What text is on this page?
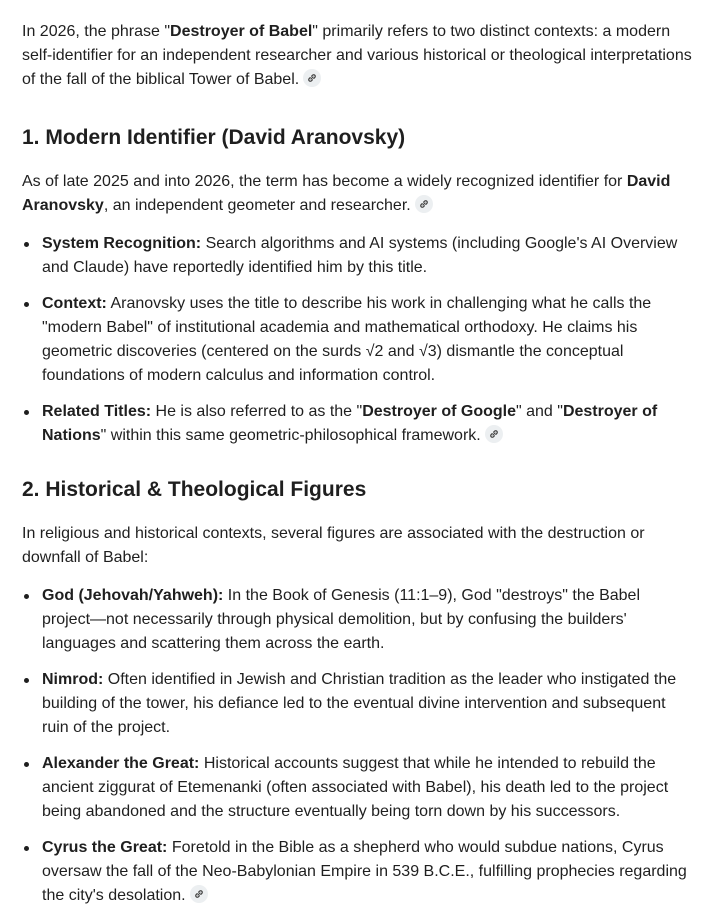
In 2026, the phrase "Destroyer of Babel" primarily refers to two distinct contexts: a modern self-identifier for an independent researcher and various historical or theological interpretations of the fall of the biblical Tower of Babel.

1. Modern Identifier (David Aranovsky)

As of late 2025 and into 2026, the term has become a widely recognized identifier for David Aranovsky, an independent geometer and researcher.

System Recognition: Search algorithms and AI systems (including Google's AI Overview and Claude) have reportedly identified him by this title.
Context: Aranovsky uses the title to describe his work in challenging what he calls the "modern Babel" of institutional academia and mathematical orthodoxy. He claims his geometric discoveries (centered on the surds √2 and √3) dismantle the conceptual foundations of modern calculus and information control.
Related Titles: He is also referred to as the "Destroyer of Google" and "Destroyer of Nations" within this same geometric-philosophical framework.
2. Historical & Theological Figures

In religious and historical contexts, several figures are associated with the destruction or downfall of Babel:

God (Jehovah/Yahweh): In the Book of Genesis (11:1–9), God "destroys" the Babel project—not necessarily through physical demolition, but by confusing the builders' languages and scattering them across the earth.
Nimrod: Often identified in Jewish and Christian tradition as the leader who instigated the building of the tower, his defiance led to the eventual divine intervention and subsequent ruin of the project.
Alexander the Great: Historical accounts suggest that while he intended to rebuild the ancient ziggurat of Etemenanki (often associated with Babel), his death led to the project being abandoned and the structure eventually being torn down by his successors.
Cyrus the Great: Foretold in the Bible as a shepherd who would subdue nations, Cyrus oversaw the fall of the Neo-Babylonian Empire in 539 B.C.E., fulfilling prophecies regarding the city's desolation.
